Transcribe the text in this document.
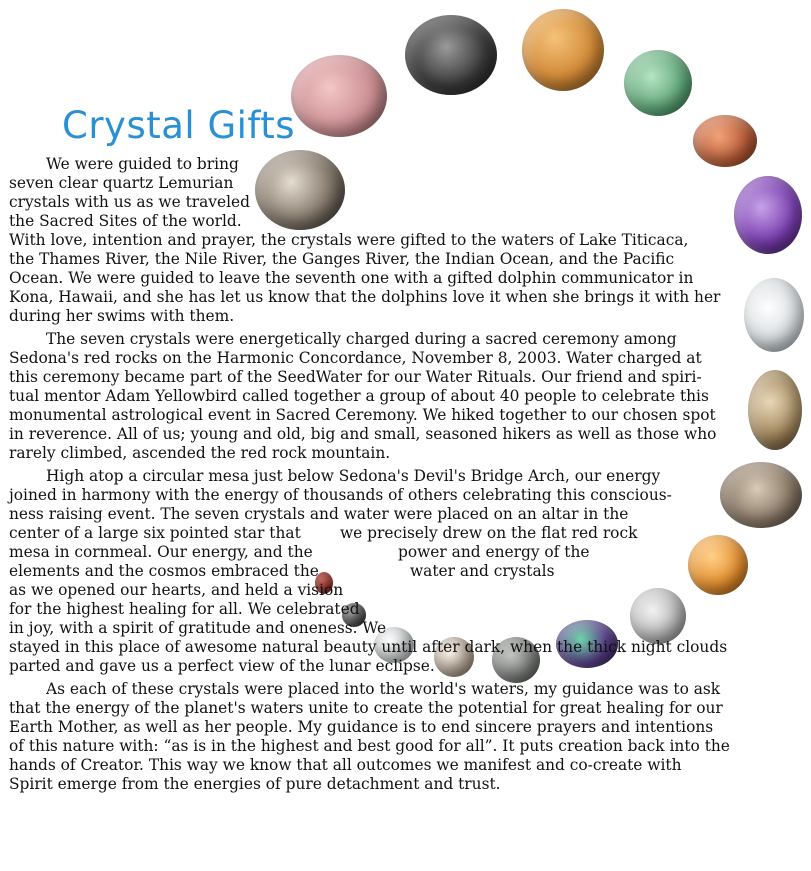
Crystal Gifts
We were guided to bring
seven clear quartz Lemurian
crystals with us as we traveled
the Sacred Sites of the world.
With love, intention and prayer, the crystals were gifted to the waters of Lake Titicaca,
the Thames River, the Nile River, the Ganges River, the Indian Ocean, and the Pacific
Ocean. We were guided to leave the seventh one with a gifted dolphin communicator in
Kona, Hawaii, and she has let us know that the dolphins love it when she brings it with her
during her swims with them.
The seven crystals were energetically charged during a sacred ceremony among
Sedona's red rocks on the Harmonic Concordance, November 8, 2003. Water charged at
this ceremony became part of the SeedWater for our Water Rituals. Our friend and spiri-
tual mentor Adam Yellowbird called together a group of about 40 people to celebrate this
monumental astrological event in Sacred Ceremony. We hiked together to our chosen spot
in reverence. All of us; young and old, big and small, seasoned hikers as well as those who
rarely climbed, ascended the red rock mountain.
High atop a circular mesa just below Sedona's Devil's Bridge Arch, our energy
joined in harmony with the energy of thousands of others celebrating this conscious-
ness raising event. The seven crystals and water were placed on an altar in the
center of a large six pointed star that	we precisely drew on the flat red rock
mesa in cornmeal. Our energy, and the	power and energy of the
elements and the cosmos embraced the	water and crystals
as we opened our hearts, and held a vision
for the highest healing for all. We celebrated
in joy, with a spirit of gratitude and oneness. We
stayed in this place of awesome natural beauty until after dark, when the thick night clouds
parted and gave us a perfect view of the lunar eclipse.
As each of these crystals were placed into the world's waters, my guidance was to ask
that the energy of the planet's waters unite to create the potential for great healing for our
Earth Mother, as well as her people. My guidance is to end sincere prayers and intentions
of this nature with: “as is in the highest and best good for all”. It puts creation back into the
hands of Creator. This way we know that all outcomes we manifest and co-create with
Spirit emerge from the energies of pure detachment and trust.
